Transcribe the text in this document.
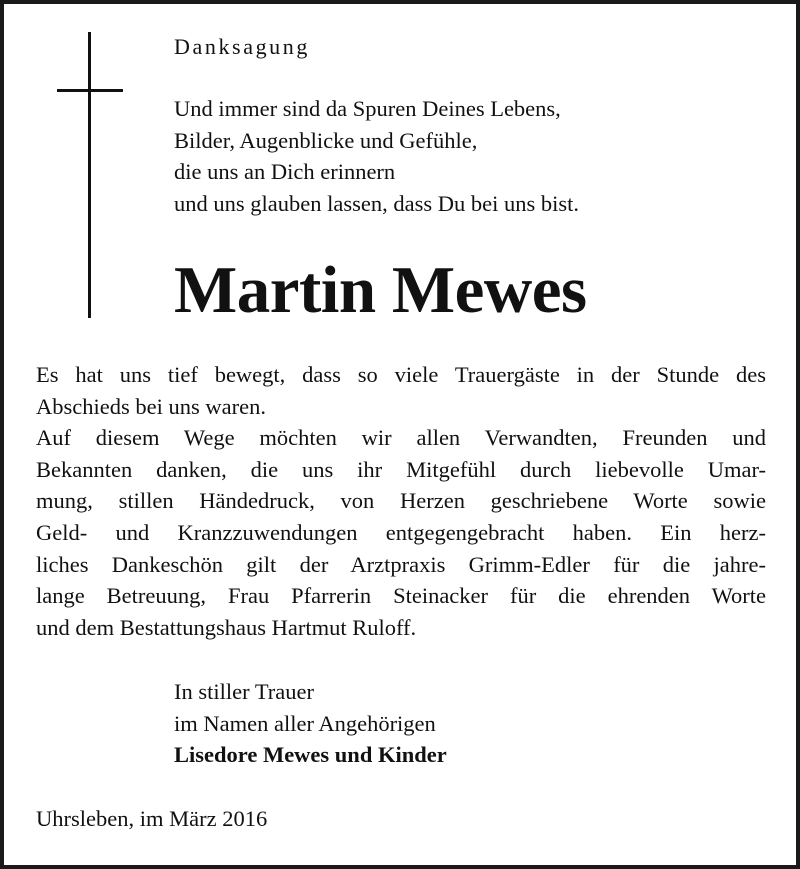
Danksagung
Und immer sind da Spuren Deines Lebens,
Bilder, Augenblicke und Gefühle,
die uns an Dich erinnern
und uns glauben lassen, dass Du bei uns bist.
Martin Mewes
Es hat uns tief bewegt, dass so viele Trauergäste in der Stunde des
Abschieds bei uns waren.
Auf diesem Wege möchten wir allen Verwandten, Freunden und
Bekannten danken, die uns ihr Mitgefühl durch liebevolle Umar-
mung, stillen Händedruck, von Herzen geschriebene Worte sowie
Geld- und Kranzzuwendungen entgegengebracht haben. Ein herz-
liches Dankeschön gilt der Arztpraxis Grimm-Edler für die jahre-
lange Betreuung, Frau Pfarrerin Steinacker für die ehrenden Worte
und dem Bestattungshaus Hartmut Ruloff.
In stiller Trauer
im Namen aller Angehörigen
Lisedore Mewes und Kinder
Uhrsleben, im März 2016
